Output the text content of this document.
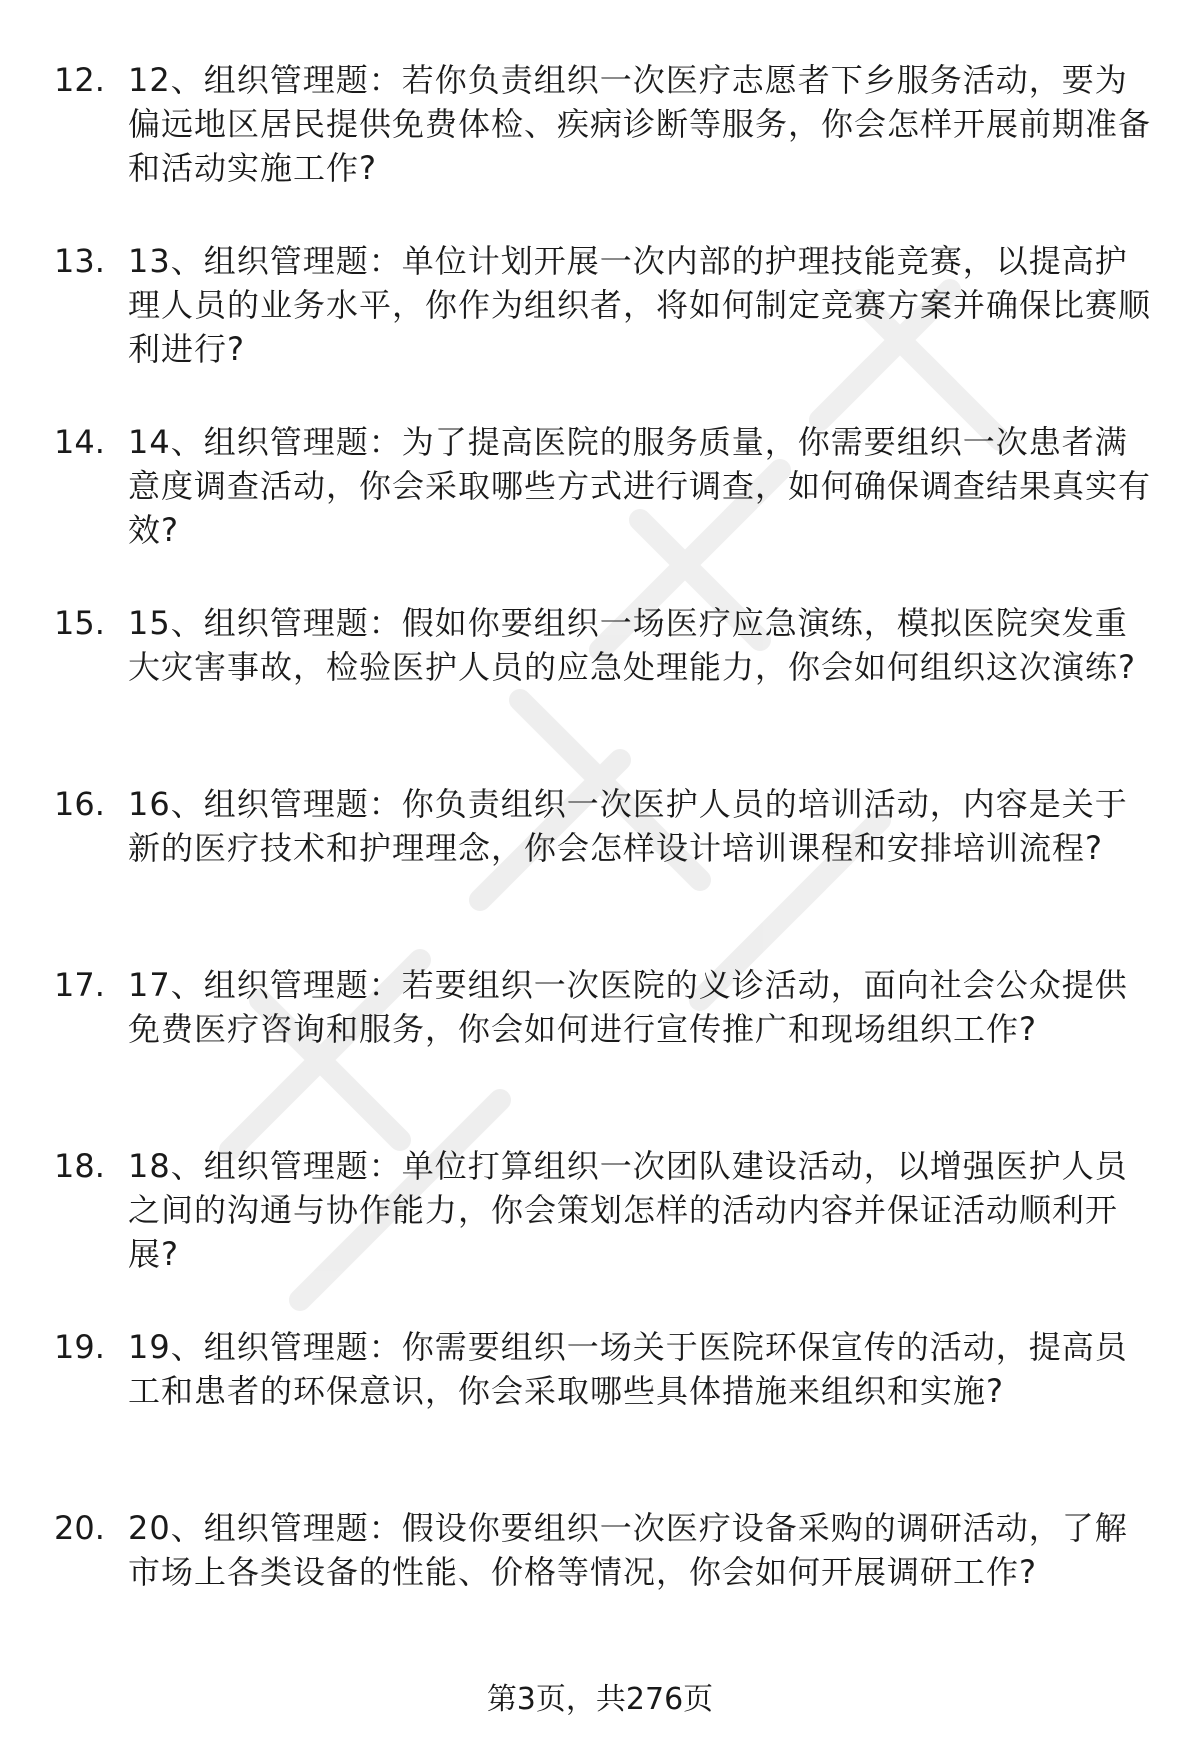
12. 12、组织管理题：若你负责组织一次医疗志愿者下乡服务活动，要为偏远地区居民提供免费体检、疾病诊断等服务，你会怎样开展前期准备和活动实施工作?
13. 13、组织管理题：单位计划开展一次内部的护理技能竞赛，以提高护理人员的业务水平，你作为组织者，将如何制定竞赛方案并确保比赛顺利进行?
14. 14、组织管理题：为了提高医院的服务质量，你需要组织一次患者满意度调查活动，你会采取哪些方式进行调查，如何确保调查结果真实有效?
15. 15、组织管理题：假如你要组织一场医疗应急演练，模拟医院突发重大灾害事故，检验医护人员的应急处理能力，你会如何组织这次演练?
16. 16、组织管理题：你负责组织一次医护人员的培训活动，内容是关于新的医疗技术和护理理念，你会怎样设计培训课程和安排培训流程?
17. 17、组织管理题：若要组织一次医院的义诊活动，面向社会公众提供免费医疗咨询和服务，你会如何进行宣传推广和现场组织工作?
18. 18、组织管理题：单位打算组织一次团队建设活动，以增强医护人员之间的沟通与协作能力，你会策划怎样的活动内容并保证活动顺利开展?
19. 19、组织管理题：你需要组织一场关于医院环保宣传的活动，提高员工和患者的环保意识，你会采取哪些具体措施来组织和实施?
20. 20、组织管理题：假设你要组织一次医疗设备采购的调研活动，了解市场上各类设备的性能、价格等情况，你会如何开展调研工作?
第3页，共276页
